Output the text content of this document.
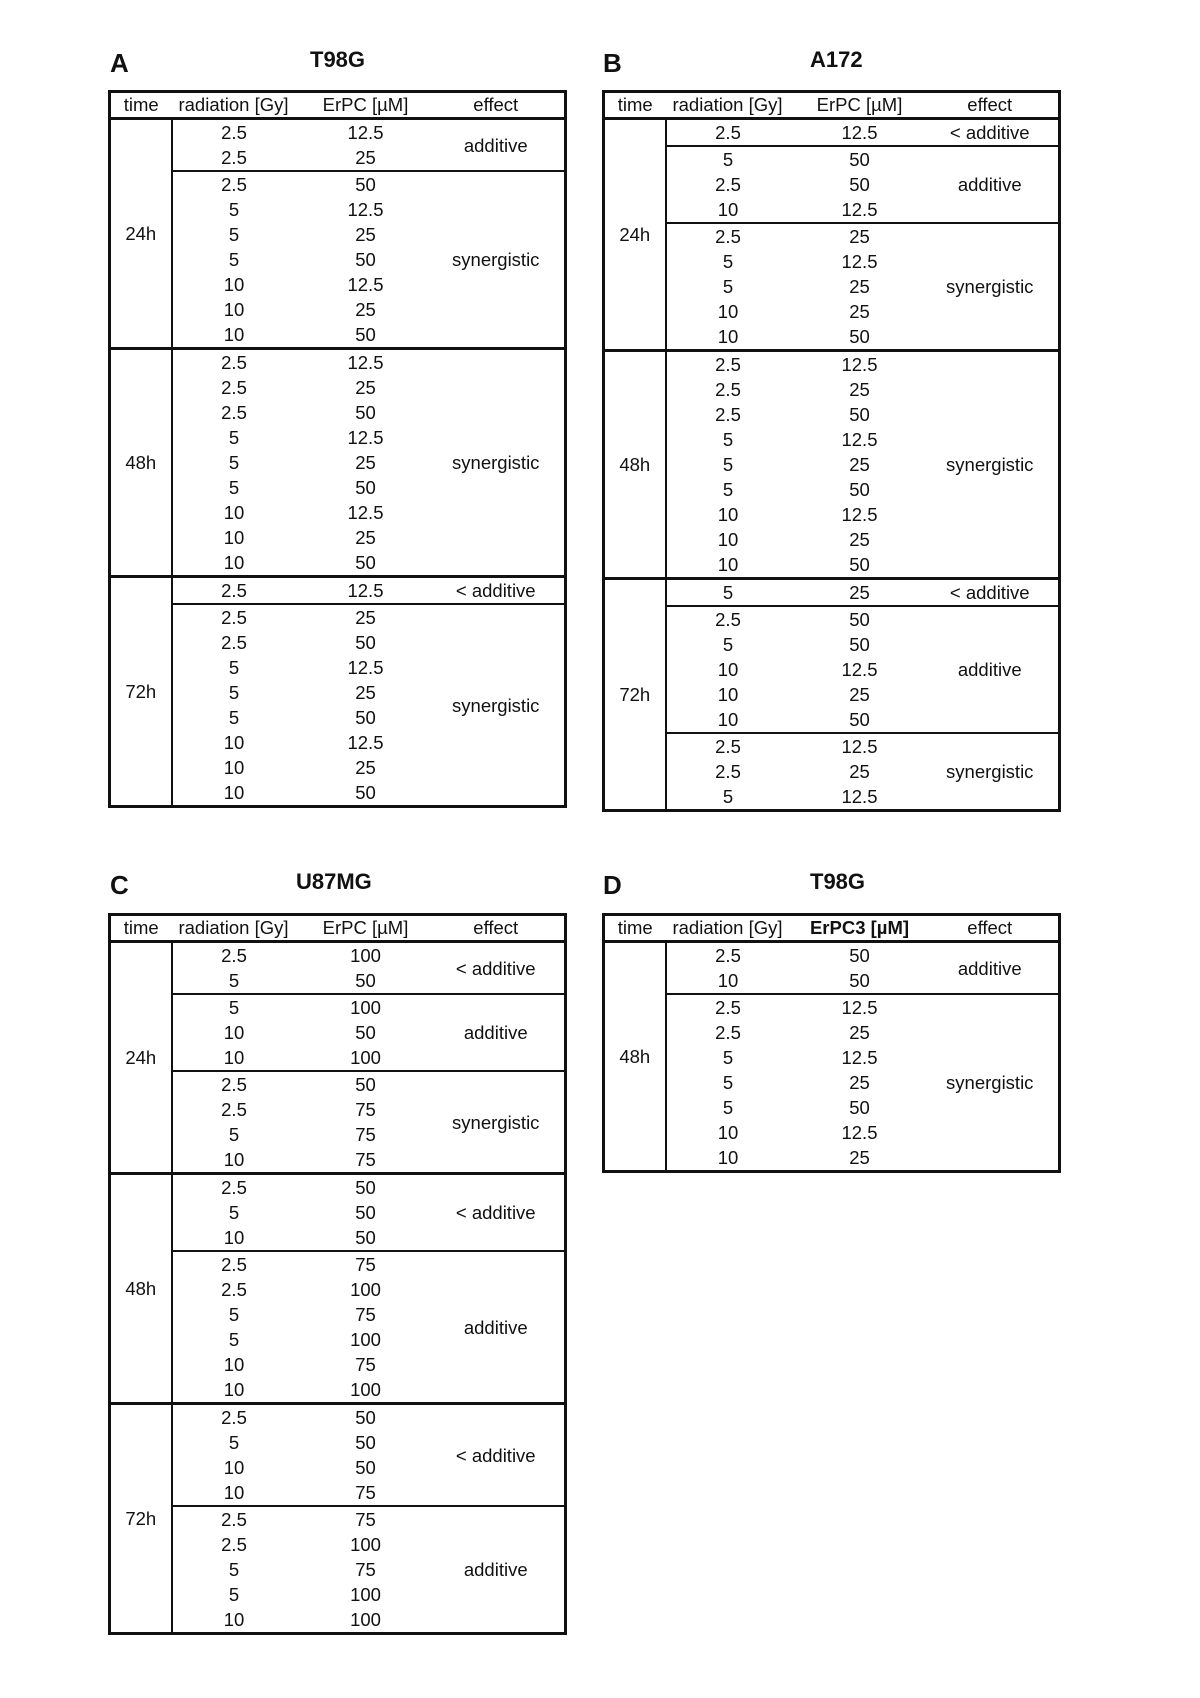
A	T98G
time	radiation [Gy]	ErPC [µM]	effect
24h	2.5	12.5	additive
	2.5	25	
	2.5	50	synergistic
	5	12.5	
	5	25	
	5	50	
	10	12.5	
	10	25	
	10	50	
48h	2.5	12.5	synergistic
	2.5	25	
	2.5	50	
	5	12.5	
	5	25	
	5	50	
	10	12.5	
	10	25	
	10	50	
72h	2.5	12.5	< additive
	2.5	25	synergistic
	2.5	50	
	5	12.5	
	5	25	
	5	50	
	10	12.5	
	10	25	
	10	50	
B	A172
time	radiation [Gy]	ErPC [µM]	effect
24h	2.5	12.5	< additive
	5	50	additive
	2.5	50	
	10	12.5	
	2.5	25	synergistic
	5	12.5	
	5	25	
	10	25	
	10	50	
48h	2.5	12.5	synergistic
	2.5	25	
	2.5	50	
	5	12.5	
	5	25	
	5	50	
	10	12.5	
	10	25	
	10	50	
72h	5	25	< additive
	2.5	50	additive
	5	50	
	10	12.5	
	10	25	
	10	50	
	2.5	12.5	synergistic
	2.5	25	
	5	12.5	
C	U87MG
time	radiation [Gy]	ErPC [µM]	effect
24h	2.5	100	< additive
	5	50	
	5	100	additive
	10	50	
	10	100	
	2.5	50	synergistic
	2.5	75	
	5	75	
	10	75	
48h	2.5	50	< additive
	5	50	
	10	50	
	2.5	75	additive
	2.5	100	
	5	75	
	5	100	
	10	75	
	10	100	
72h	2.5	50	< additive
	5	50	
	10	50	
	10	75	
	2.5	75	additive
	2.5	100	
	5	75	
	5	100	
	10	100	
D	T98G
time	radiation [Gy]	ErPC3 [µM]	effect
48h	2.5	50	additive
	10	50	
	2.5	12.5	synergistic
	2.5	25	
	5	12.5	
	5	25	
	5	50	
	10	12.5	
	10	25	
